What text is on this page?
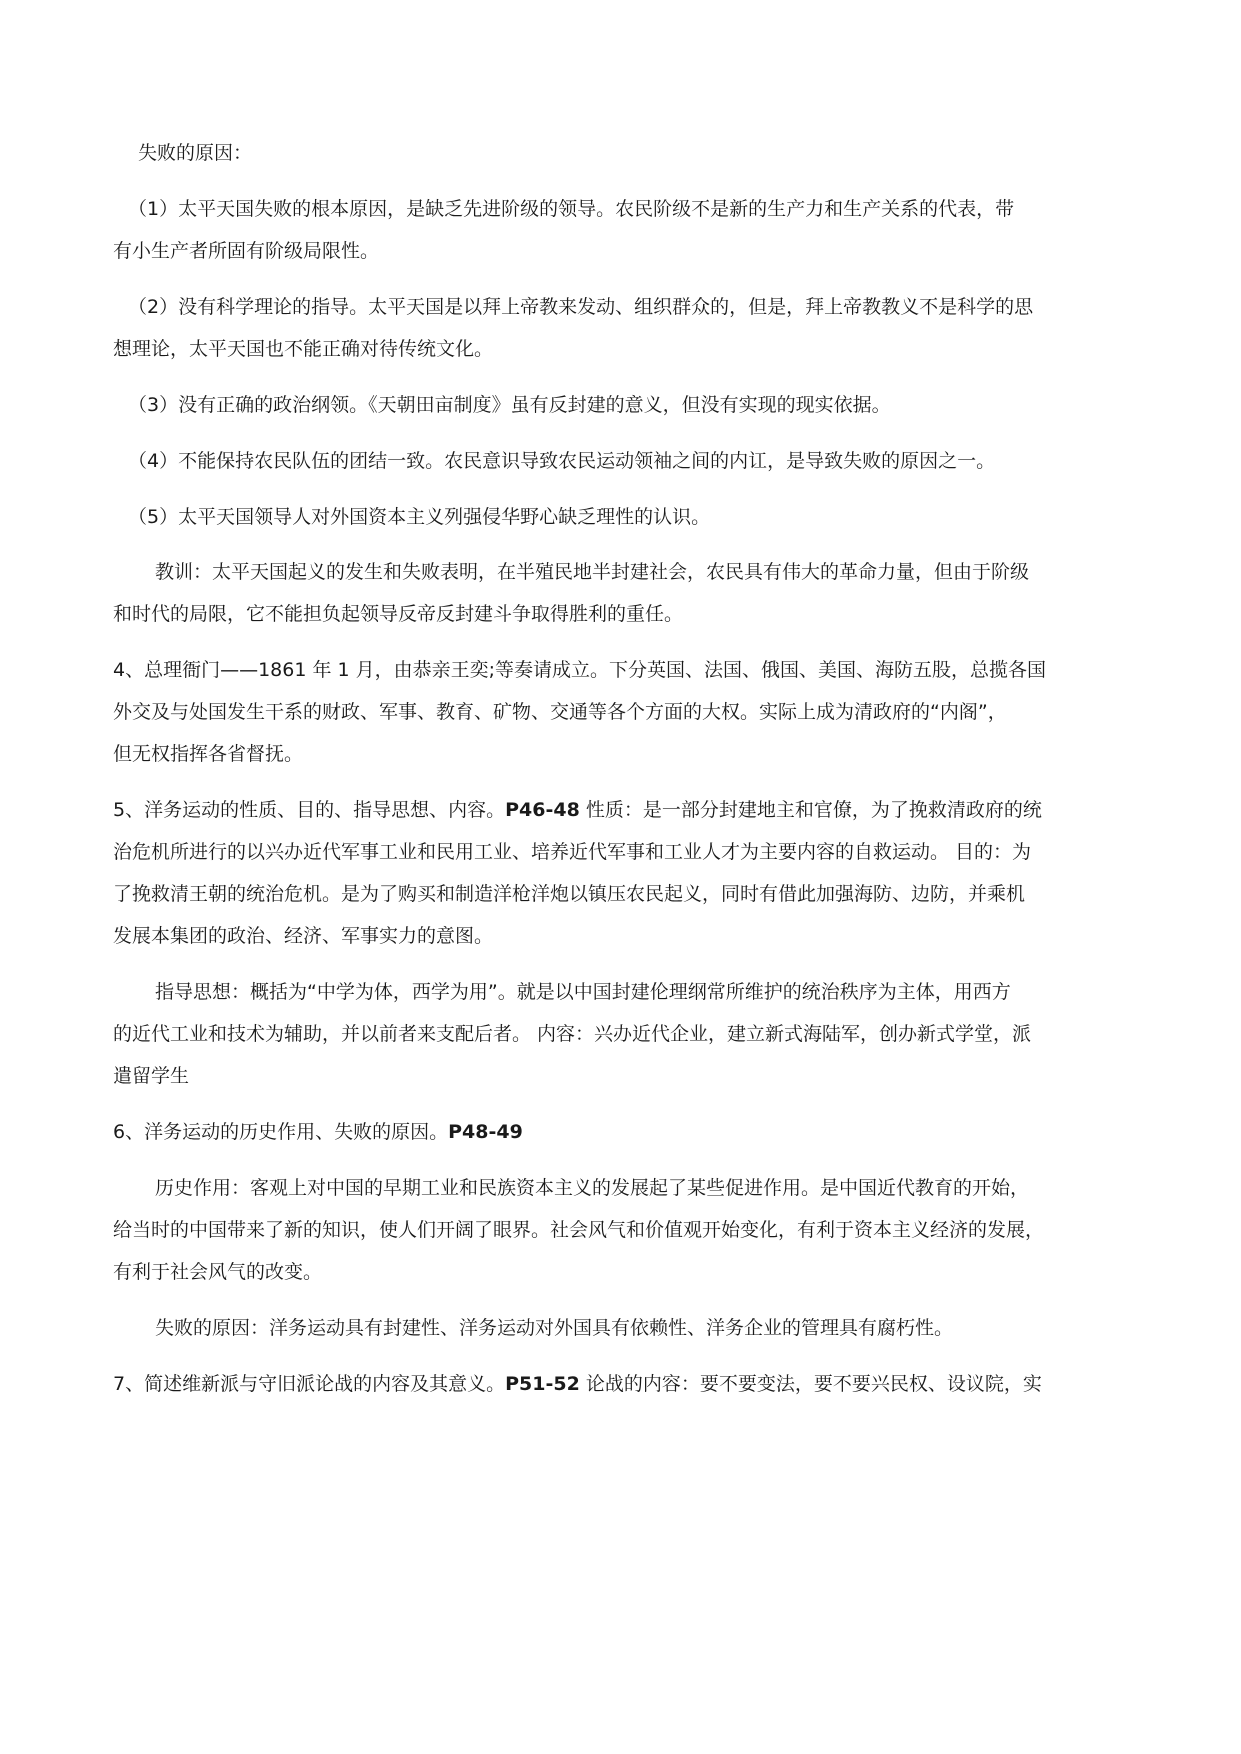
失败的原因：
（1）太平天国失败的根本原因，是缺乏先进阶级的领导。农民阶级不是新的生产力和生产关系的代表，带
有小生产者所固有阶级局限性。
（2）没有科学理论的指导。太平天国是以拜上帝教来发动、组织群众的，但是，拜上帝教教义不是科学的思
想理论，太平天国也不能正确对待传统文化。
（3）没有正确的政治纲领。《天朝田亩制度》虽有反封建的意义，但没有实现的现实依据。
（4）不能保持农民队伍的团结一致。农民意识导致农民运动领袖之间的内讧，是导致失败的原因之一。
（5）太平天国领导人对外国资本主义列强侵华野心缺乏理性的认识。
教训：太平天国起义的发生和失败表明，在半殖民地半封建社会，农民具有伟大的革命力量，但由于阶级
和时代的局限，它不能担负起领导反帝反封建斗争取得胜利的重任。
4、总理衙门——1861 年 1 月，由恭亲王奕;等奏请成立。下分英国、法国、俄国、美国、海防五股，总揽各国
外交及与处国发生干系的财政、军事、教育、矿物、交通等各个方面的大权。实际上成为清政府的“内阁”，
但无权指挥各省督抚。
5、洋务运动的性质、目的、指导思想、内容。P46-48 性质：是一部分封建地主和官僚，为了挽救清政府的统
治危机所进行的以兴办近代军事工业和民用工业、培养近代军事和工业人才为主要内容的自救运动。 目的：为
了挽救清王朝的统治危机。是为了购买和制造洋枪洋炮以镇压农民起义，同时有借此加强海防、边防，并乘机
发展本集团的政治、经济、军事实力的意图。
指导思想：概括为“中学为体，西学为用”。就是以中国封建伦理纲常所维护的统治秩序为主体，用西方
的近代工业和技术为辅助，并以前者来支配后者。 内容：兴办近代企业，建立新式海陆军，创办新式学堂，派
遣留学生
6、洋务运动的历史作用、失败的原因。P48-49
历史作用：客观上对中国的早期工业和民族资本主义的发展起了某些促进作用。是中国近代教育的开始，
给当时的中国带来了新的知识，使人们开阔了眼界。社会风气和价值观开始变化，有利于资本主义经济的发展，
有利于社会风气的改变。
失败的原因：洋务运动具有封建性、洋务运动对外国具有依赖性、洋务企业的管理具有腐朽性。
7、简述维新派与守旧派论战的内容及其意义。P51-52 论战的内容：要不要变法，要不要兴民权、设议院，实
